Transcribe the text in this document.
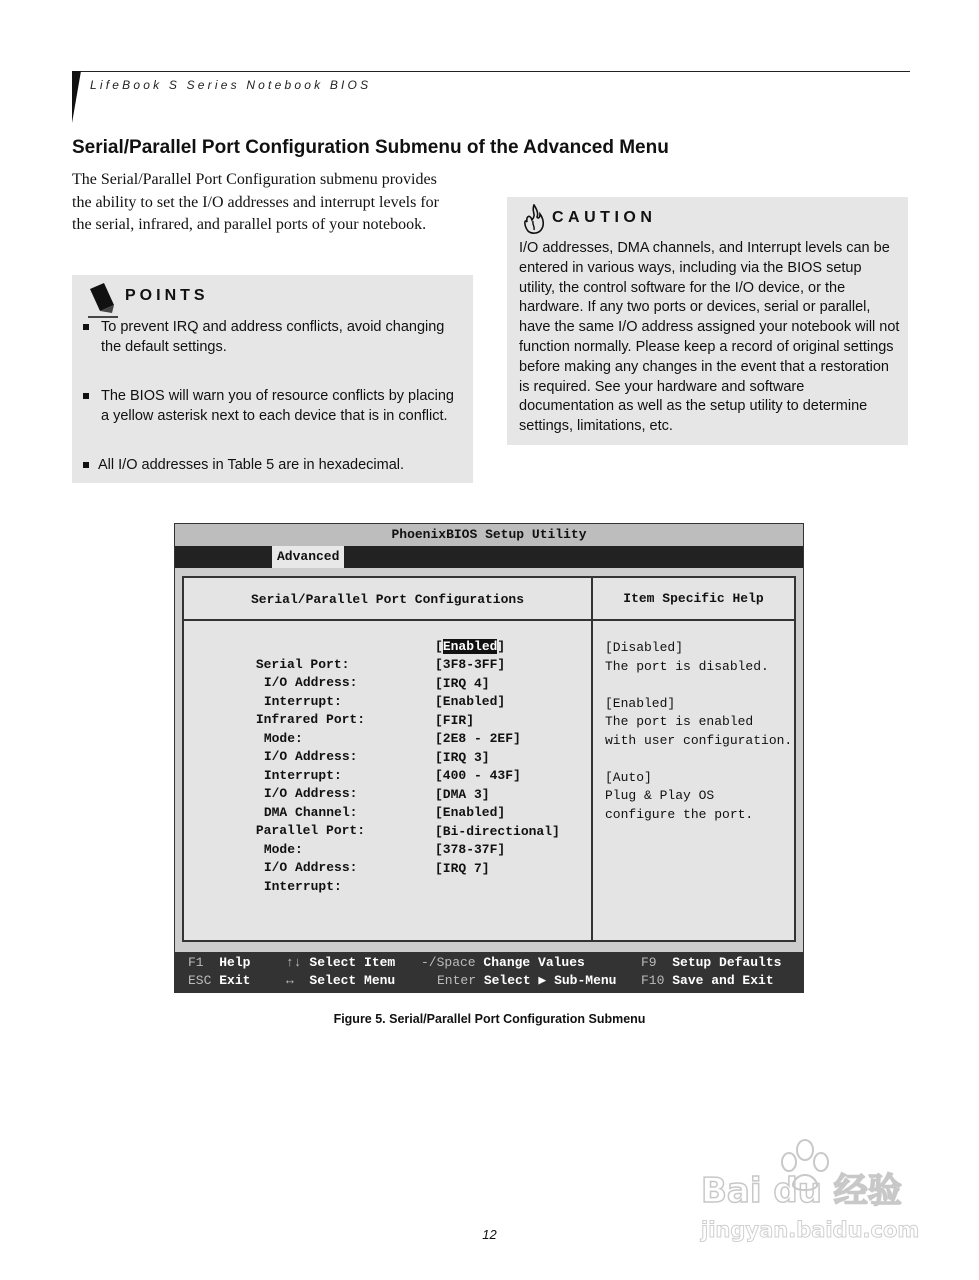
LifeBook S Series Notebook BIOS
Serial/Parallel Port Configuration Submenu of the Advanced Menu
The Serial/Parallel Port Configuration submenu provides the ability to set the I/O addresses and interrupt levels for the serial, infrared, and parallel ports of your notebook.
POINTS
To prevent IRQ and address conflicts, avoid changing the default settings.
The BIOS will warn you of resource conflicts by placing a yellow asterisk next to each device that is in conflict.
All I/O addresses in Table 5 are in hexadecimal.
CAUTION
I/O addresses, DMA channels, and Interrupt levels can be entered in various ways, including via the BIOS setup utility, the control software for the I/O device, or the hardware. If any two ports or devices, serial or parallel, have the same I/O address assigned your notebook will not function normally. Please keep a record of original settings before making any changes in the event that a restoration is required. See your hardware and software documentation as well as the setup utility to determine settings, limitations, etc.
PhoenixBIOS Setup Utility
Advanced
Serial/Parallel Port Configurations	Item Specific Help

Serial Port:

[Enabled]

I/O Address:

[3F8-3FF]

Interrupt:

[IRQ 4]

Infrared Port:

[Enabled]

Mode:

[FIR]

I/O Address:

[2E8 - 2EF]

Interrupt:

[IRQ 3]

I/O Address:

[400 - 43F]

DMA Channel:

[DMA 3]

Parallel Port:

[Enabled]

Mode:

[Bi-directional]

I/O Address:

[378-37F]

Interrupt:

[IRQ 7]

[Disabled]
The port is disabled.
[Enabled]
The port is enabled
with user configuration.
[Auto]
Plug & Play OS
configure the port.
F1 Help
ESC Exit
↑↓ Select Item
↔ Select Menu
-/Space Change Values
Enter Select ▶ Sub-Menu
F9 Setup Defaults
F10 Save and Exit
Figure 5. Serial/Parallel Port Configuration Submenu
12
Bai du 经验
jingyan.baidu.com
